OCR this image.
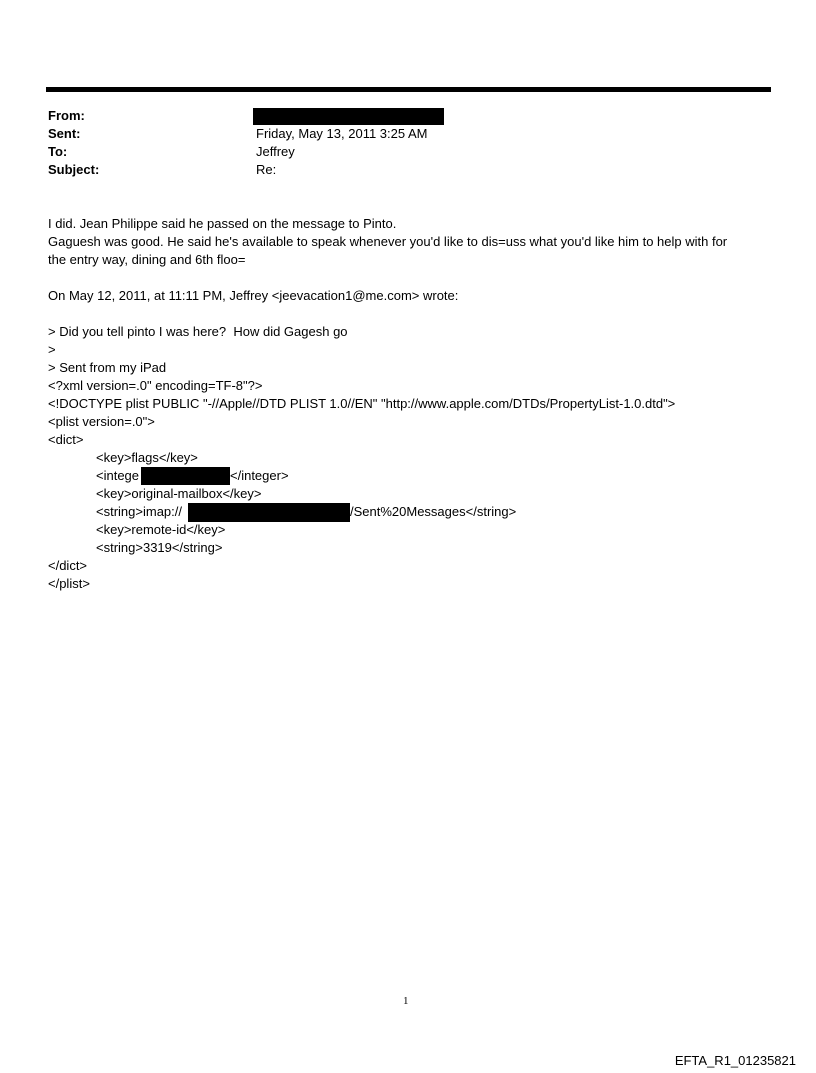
From:
Sent:	Friday, May 13, 2011 3:25 AM
To:	Jeffrey
Subject:	Re:
I did. Jean Philippe said he passed on the message to Pinto.
Gaguesh was good. He said he's available to speak whenever you'd like to dis=uss what you'd like him to help with for
the entry way, dining and 6th floo=
On May 12, 2011, at 11:11 PM, Jeffrey <jeevacation1@me.com> wrote:
> Did you tell pinto I was here?  How did Gagesh go
>
> Sent from my iPad
<?xml version=.0" encoding=TF-8"?>
<!DOCTYPE plist PUBLIC "-//Apple//DTD PLIST 1.0//EN" "http://www.apple.com/DTDs/PropertyList-1.0.dtd">
<plist version=.0">
<dict>
<key>flags</key>
<intege	</integer>
<key>original-mailbox</key>
<string>imap://	/Sent%20Messages</string>
<key>remote-id</key>
<string>3319</string>
</dict>
</plist>
1
EFTA_R1_01235821
